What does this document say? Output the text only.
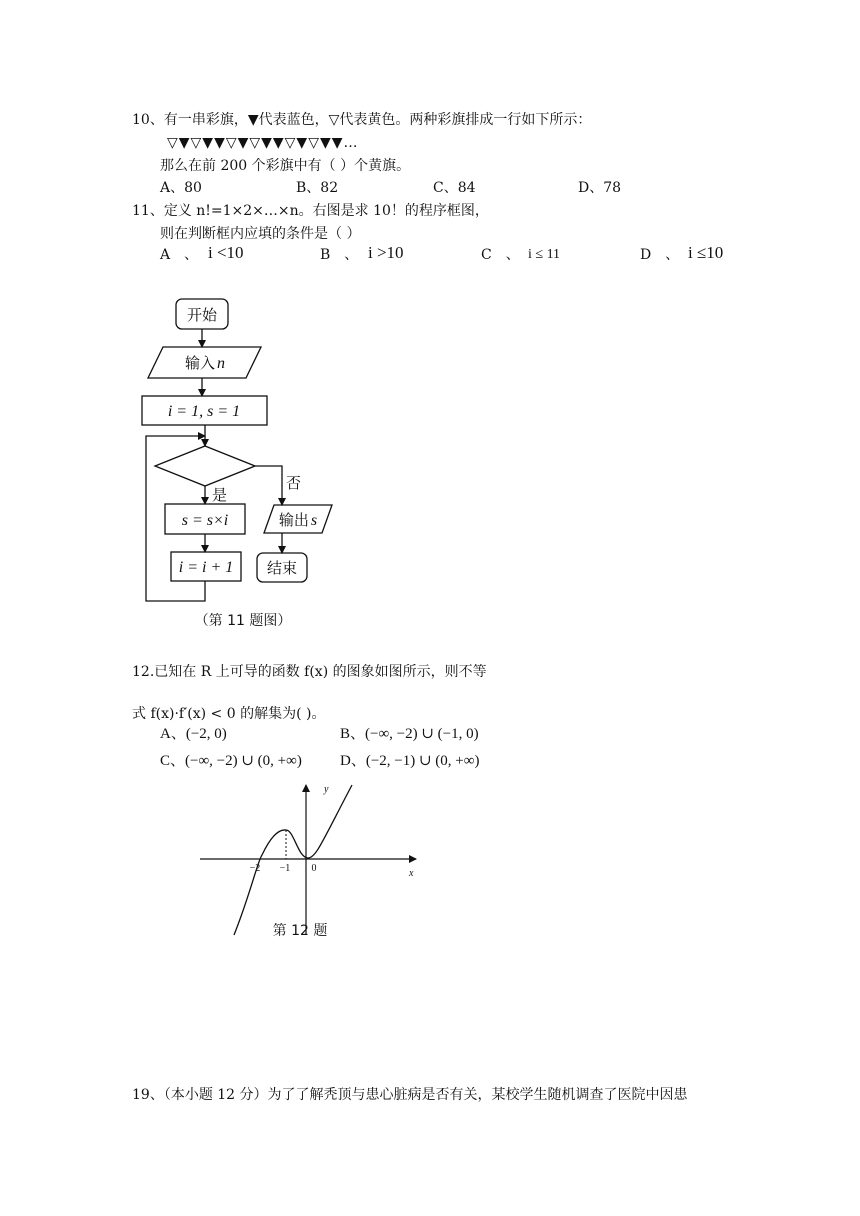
10、有一串彩旗，▼代表蓝色，▽代表黄色。两种彩旗排成一行如下所示：
▽▼▽▼▼▽▼▽▼▼▽▼▽▼▼…
那么在前 200 个彩旗中有（ ）个黄旗。
A、80	B、82	C、84	D、78
11、定义 n!=1×2×…×n。右图是求 10！的程序框图，
则在判断框内应填的条件是（ ）
A　、 i <10	B　、 i >10	C　、 i ≤ 11	D　、 i ≤10
开始
输入 n
i = 1, s = 1
是
否
s = s×i	输出 s
i = i + 1 结束
（第 11 题图）
12.已知在 R 上可导的函数 f(x) 的图象如图所示，则不等
式 f(x)·f′(x) < 0 的解集为( )。
A、(−2, 0)	B、(−∞, −2) ∪ (−1, 0)
C、(−∞, −2) ∪ (0, +∞)	D、(−2, −1) ∪ (0, +∞)
y
x
−2 −1 0
第 12 题
19、（本小题 12 分）为了了解秃顶与患心脏病是否有关，某校学生随机调查了医院中因患
